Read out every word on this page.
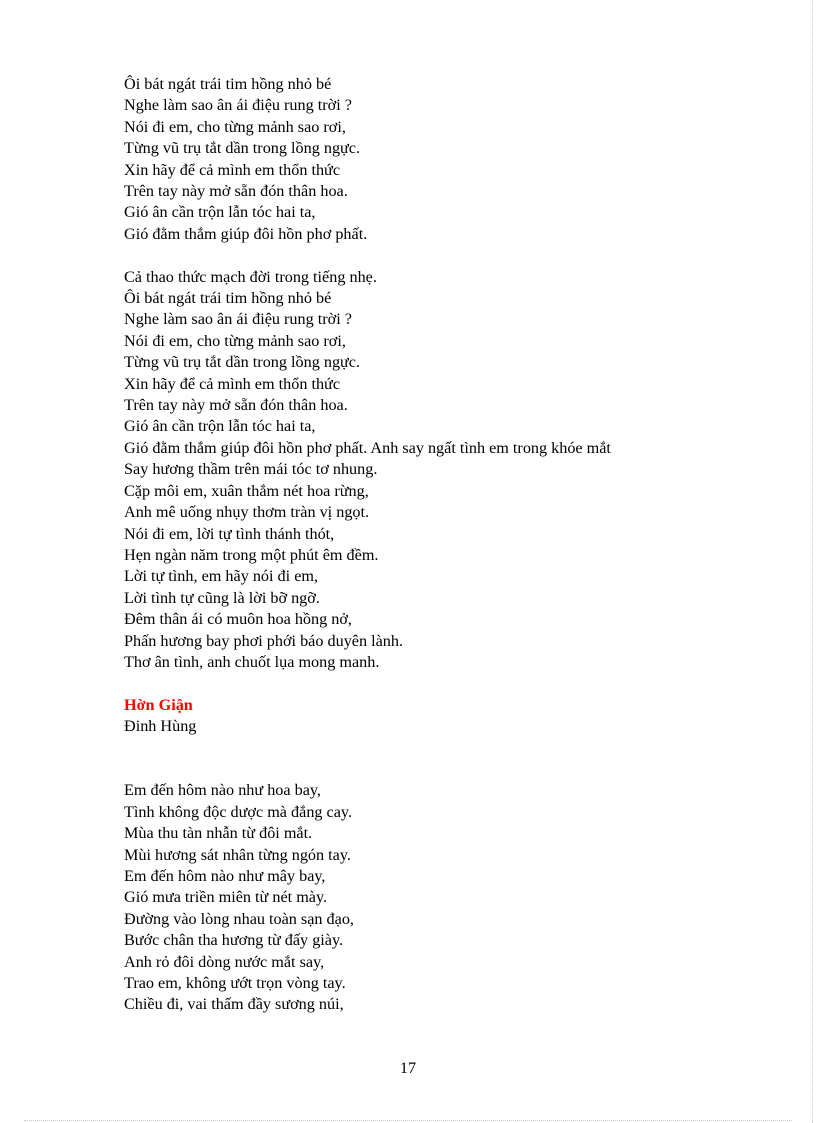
Ôi bát ngát trái tim hồng nhỏ bé
Nghe làm sao ân ái điệu rung trời ?
Nói đi em, cho từng mảnh sao rơi,
Từng vũ trụ tắt dần trong lồng ngực.
Xin hãy để cả mình em thổn thức
Trên tay này mở sẵn đón thân hoa.
Gió ân cần trộn lẫn tóc hai ta,
Gió đằm thắm giúp đôi hồn phơ phất.
Cả thao thức mạch đời trong tiếng nhẹ.
Ôi bát ngát trái tim hồng nhỏ bé
Nghe làm sao ân ái điệu rung trời ?
Nói đi em, cho từng mảnh sao rơi,
Từng vũ trụ tắt dần trong lồng ngực.
Xin hãy để cả mình em thổn thức
Trên tay này mở sẵn đón thân hoa.
Gió ân cần trộn lẫn tóc hai ta,
Gió đằm thắm giúp đôi hồn phơ phất. Anh say ngất tình em trong khóe mắt
Say hương thầm trên mái tóc tơ nhung.
Cặp môi em, xuân thắm nét hoa rừng,
Anh mê uống nhụy thơm tràn vị ngọt.
Nói đi em, lời tự tình thánh thót,
Hẹn ngàn năm trong một phút êm đềm.
Lời tự tình, em hãy nói đi em,
Lời tình tự cũng là lời bỡ ngỡ.
Đêm thân ái có muôn hoa hồng nở,
Phấn hương bay phơi phới báo duyên lành.
Thơ ân tình, anh chuốt lụa mong manh.
Hờn Giận
Đinh Hùng
Em đến hôm nào như hoa bay,
Tình không độc dược mà đắng cay.
Mùa thu tàn nhẫn từ đôi mắt.
Mùi hương sát nhân từng ngón tay.
Em đến hôm nào như mây bay,
Gió mưa triền miên từ nét mày.
Đường vào lòng nhau toàn sạn đạo,
Bước chân tha hương từ đấy giày.
Anh rỏ đôi dòng nước mắt say,
Trao em, không ướt trọn vòng tay.
Chiều đi, vai thấm đầy sương núi,
17
